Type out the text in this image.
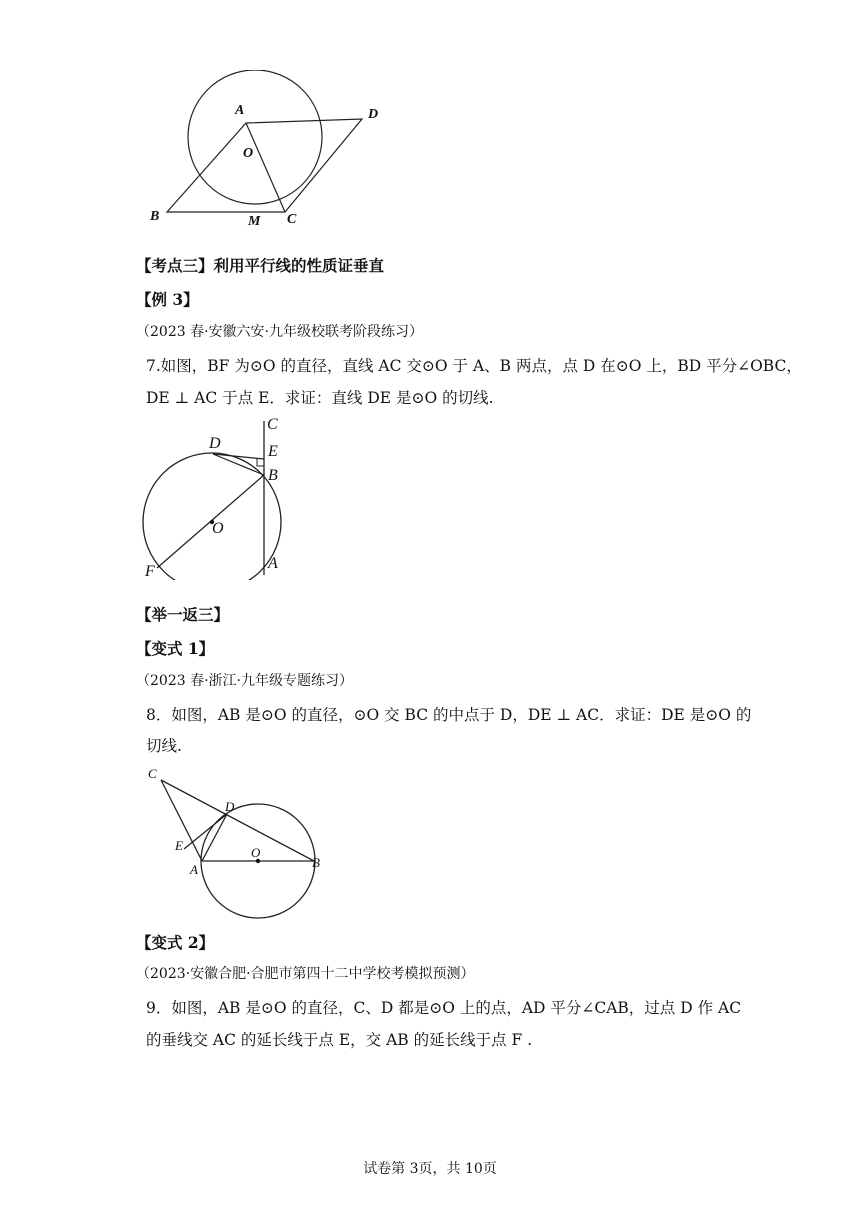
A	D
O
B	M C
【考点三】利用平行线的性质证垂直
【例 3】
（2023 春·安徽六安·九年级校联考阶段练习）
7.如图，BF 为⊙O 的直径，直线 AC 交⊙O 于 A、B 两点，点 D 在⊙O 上，BD 平分∠OBC，
DE ⊥ AC 于点 E．求证：直线 DE 是⊙O 的切线.
C
D	E
B
O
F	A
【举一返三】
【变式 1】
（2023 春·浙江·九年级专题练习）
8．如图，AB 是⊙O 的直径，⊙O 交 BC 的中点于 D，DE ⊥ AC．求证：DE 是⊙O 的
切线.
C
D
E	O
A	B
【变式 2】
（2023·安徽合肥·合肥市第四十二中学校考模拟预测）
9．如图，AB 是⊙O 的直径，C、D 都是⊙O 上的点，AD 平分∠CAB，过点 D 作 AC
的垂线交 AC 的延长线于点 E，交 AB 的延长线于点 F .
试卷第 3页，共 10页
